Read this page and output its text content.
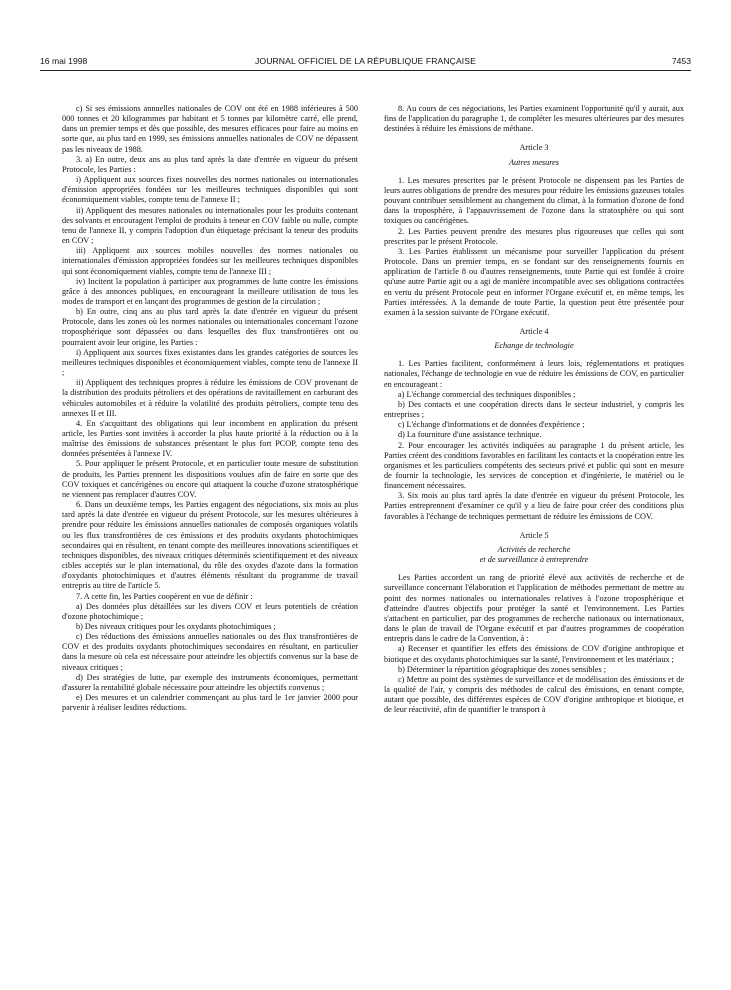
16 mai 1998	JOURNAL OFFICIEL DE LA RÉPUBLIQUE FRANÇAISE	7453

c) Si ses émissions annuelles nationales de COV ont été en 1988 inférieures à 500 000 tonnes et 20 kilogrammes par habitant et 5 tonnes par kilomètre carré, elle prend, dans un premier temps et dès que possible, des mesures efficaces pour faire au moins en sorte que, au plus tard en 1999, ses émissions annuelles nationales de COV ne dépassent pas les niveaux de 1988.

3. a) En outre, deux ans au plus tard après la date d'entrée en vigueur du présent Protocole, les Parties :

i) Appliquent aux sources fixes nouvelles des normes nationales ou internationales d'émission appropriées fondées sur les meilleures techniques disponibles qui sont économiquement viables, compte tenu de l'annexe II ;

ii) Appliquent des mesures nationales ou internationales pour les produits contenant des solvants et encouragent l'emploi de produits à teneur en COV faible ou nulle, compte tenu de l'annexe II, y compris l'adoption d'un étiquetage précisant la teneur des produits en COV ;

iii) Appliquent aux sources mobiles nouvelles des normes nationales ou internationales d'émission appropriées fondées sur les meilleures techniques disponibles qui sont économiquement viables, compte tenu de l'annexe III ;

iv) Incitent la population à participer aux programmes de lutte contre les émissions grâce à des annonces publiques, en encourageant la meilleure utilisation de tous les modes de transport et en lançant des programmes de gestion de la circulation ;

b) En outre, cinq ans au plus tard après la date d'entrée en vigueur du présent Protocole, dans les zones où les normes nationales ou internationales concernant l'ozone troposphérique sont dépassées ou dans lesquelles des flux transfrontières ont ou pourraient avoir leur origine, les Parties :

i) Appliquent aux sources fixes existantes dans les grandes catégories de sources les meilleures techniques disponibles et économiquement viables, compte tenu de l'annexe II ;

ii) Appliquent des techniques propres à réduire les émissions de COV provenant de la distribution des produits pétroliers et des opérations de ravitaillement en carburant des véhicules automobiles et à réduire la volatilité des produits pétroliers, compte tenu des annexes II et III.

4. En s'acquittant des obligations qui leur incombent en application du présent article, les Parties sont invitées à accorder la plus haute priorité à la réduction ou à la maîtrise des émissions de substances présentant le plus fort PCOP, compte tenu des données présentées à l'annexe IV.

5. Pour appliquer le présent Protocole, et en particulier toute mesure de substitution de produits, les Parties prennent les dispositions voulues afin de faire en sorte que des COV toxiques et cancérigènes ou encore qui attaquent la couche d'ozone stratosphérique ne viennent pas remplacer d'autres COV.

6. Dans un deuxième temps, les Parties engagent des négociations, six mois au plus tard après la date d'entrée en vigueur du présent Protocole, sur les mesures ultérieures à prendre pour réduire les émissions annuelles nationales de composés organiques volatils ou les flux transfrontières de ces émissions et des produits oxydants photochimiques secondaires qui en résultent, en tenant compte des meilleures innovations scientifiques et techniques disponibles, des niveaux critiques déterminés scientifiquement et des niveaux cibles acceptés sur le plan international, du rôle des oxydes d'azote dans la formation d'oxydants photochimiques et d'autres éléments résultant du programme de travail entrepris au titre de l'article 5.

7. A cette fin, les Parties coopèrent en vue de définir :

a) Des données plus détaillées sur les divers COV et leurs potentiels de création d'ozone photochimique ;

b) Des niveaux critiques pour les oxydants photochimiques ;

c) Des réductions des émissions annuelles nationales ou des flux transfrontières de COV et des produits oxydants photochimiques secondaires en résultant, en particulier dans la mesure où cela est nécessaire pour atteindre les objectifs convenus sur la base de niveaux critiques ;

d) Des stratégies de lutte, par exemple des instruments économiques, permettant d'assurer la rentabilité globale nécessaire pour atteindre les objectifs convenus ;

e) Des mesures et un calendrier commençant au plus tard le 1er janvier 2000 pour parvenir à réaliser lesdites réductions.

8. Au cours de ces négociations, les Parties examinent l'opportunité qu'il y aurait, aux fins de l'application du paragraphe 1, de compléter les mesures ultérieures par des mesures destinées à réduire les émissions de méthane.

Article 3

Autres mesures

1. Les mesures prescrites par le présent Protocole ne dispensent pas les Parties de leurs autres obligations de prendre des mesures pour réduire les émissions gazeuses totales pouvant contribuer sensiblement au changement du climat, à la formation d'ozone de fond dans la troposphère, à l'appauvrissement de l'ozone dans la stratosphère ou qui sont toxiques ou cancérigènes.

2. Les Parties peuvent prendre des mesures plus rigoureuses que celles qui sont prescrites par le présent Protocole.

3. Les Parties établissent un mécanisme pour surveiller l'application du présent Protocole. Dans un premier temps, en se fondant sur des renseignements fournis en application de l'article 8 ou d'autres renseignements, toute Partie qui est fondée à croire qu'une autre Partie agit ou a agi de manière incompatible avec ses obligations contractées en vertu du présent Protocole peut en informer l'Organe exécutif et, en même temps, les Parties intéressées. A la demande de toute Partie, la question peut être présentée pour examen à la session suivante de l'Organe exécutif.

Article 4

Echange de technologie

1. Les Parties facilitent, conformément à leurs lois, réglementations et pratiques nationales, l'échange de technologie en vue de réduire les émissions de COV, en particulier en encourageant :

a) L'échange commercial des techniques disponibles ;

b) Des contacts et une coopération directs dans le secteur industriel, y compris les entreprises ;

c) L'échange d'informations et de données d'expérience ;

d) La fourniture d'une assistance technique.

2. Pour encourager les activités indiquées au paragraphe 1 du présent article, les Parties créent des conditions favorables en facilitant les contacts et la coopération entre les organismes et les particuliers compétents des secteurs privé et public qui sont en mesure de fournir la technologie, les services de conception et d'ingénierie, le matériel ou le financement nécessaires.

3. Six mois au plus tard après la date d'entrée en vigueur du présent Protocole, les Parties entreprennent d'examiner ce qu'il y a lieu de faire pour créer des conditions plus favorables à l'échange de techniques permettant de réduire les émissions de COV.

Article 5

Activités de recherche

et de surveillance à entreprendre

Les Parties accordent un rang de priorité élevé aux activités de recherche et de surveillance concernant l'élaboration et l'application de méthodes permettant de mettre au point des normes nationales ou internationales relatives à l'ozone troposphérique et d'atteindre d'autres objectifs pour protéger la santé et l'environnement. Les Parties s'attachent en particulier, par des programmes de recherche nationaux ou internationaux, dans le plan de travail de l'Organe exécutif et par d'autres programmes de coopération entrepris dans le cadre de la Convention, à :

a) Recenser et quantifier les effets des émissions de COV d'origine anthropique et biotique et des oxydants photochimiques sur la santé, l'environnement et les matériaux ;

b) Déterminer la répartition géographique des zones sensibles ;

c) Mettre au point des systèmes de surveillance et de modélisation des émissions et de la qualité de l'air, y compris des méthodes de calcul des émissions, en tenant compte, autant que possible, des différentes espèces de COV d'origine anthropique et biotique, et de leur réactivité, afin de quantifier le transport à
